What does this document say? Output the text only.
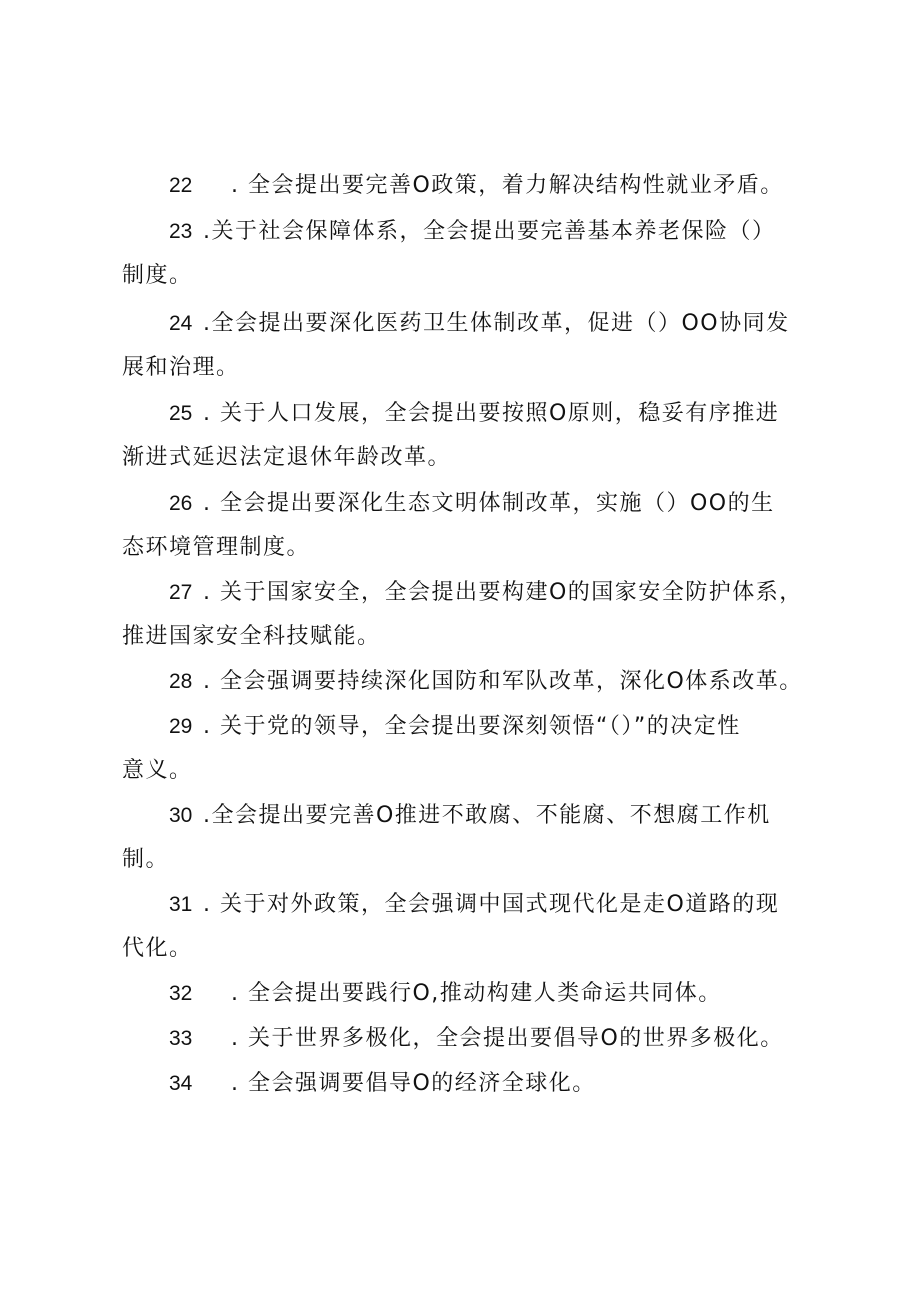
22 . 全会提出要完善O政策，着力解决结构性就业矛盾。
23 .关于社会保障体系，全会提出要完善基本养老保险（）
制度。
24 .全会提出要深化医药卫生体制改革，促进（）OO协同发
展和治理。
25 . 关于人口发展，全会提出要按照O原则，稳妥有序推进
渐进式延迟法定退休年龄改革。
26 . 全会提出要深化生态文明体制改革，实施（）OO的生
态环境管理制度。
27 . 关于国家安全，全会提出要构建O的国家安全防护体系，
推进国家安全科技赋能。
28 . 全会强调要持续深化国防和军队改革，深化O体系改革。
29 . 关于党的领导，全会提出要深刻领悟“（）”的决定性
意义。
30 .全会提出要完善O推进不敢腐、不能腐、不想腐工作机
制。
31 . 关于对外政策，全会强调中国式现代化是走O道路的现
代化。
32 . 全会提出要践行O,推动构建人类命运共同体。
33 . 关于世界多极化，全会提出要倡导O的世界多极化。
34 . 全会强调要倡导O的经济全球化。
